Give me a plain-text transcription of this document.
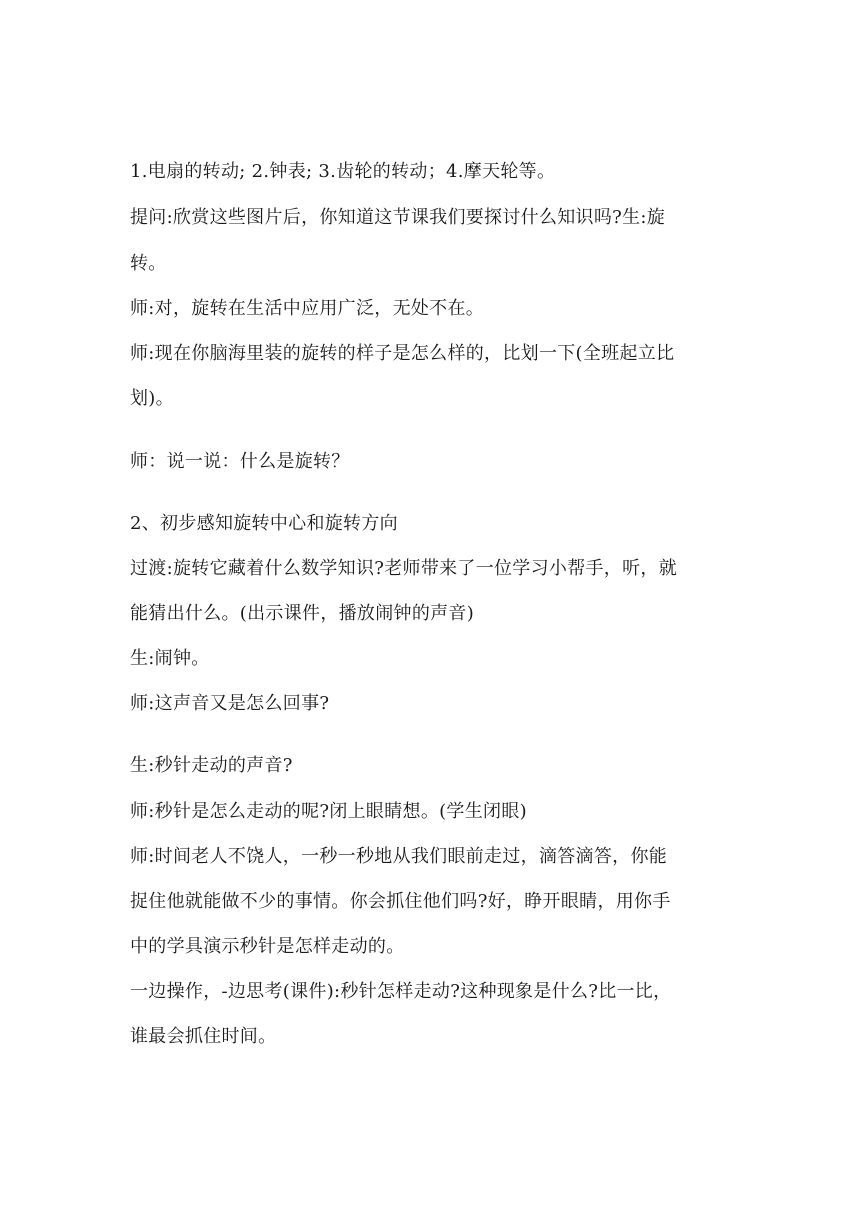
1.电扇的转动; 2.钟表; 3.齿轮的转动；4.摩天轮等。
提问:欣赏这些图片后，你知道这节课我们要探讨什么知识吗?生:旋
转。
师:对，旋转在生活中应用广泛，无处不在。
师:现在你脑海里装的旋转的样子是怎么样的，比划一下(全班起立比
划)。
师：说一说：什么是旋转？
2、初步感知旋转中心和旋转方向
过渡:旋转它藏着什么数学知识?老师带来了一位学习小帮手，听，就
能猜出什么。(出示课件，播放闹钟的声音)
生:闹钟。
师:这声音又是怎么回事?
生:秒针走动的声音?
师:秒针是怎么走动的呢?闭上眼睛想。(学生闭眼)
师:时间老人不饶人，一秒一秒地从我们眼前走过，滴答滴答，你能
捉住他就能做不少的事情。你会抓住他们吗?好，睁开眼睛，用你手
中的学具演示秒针是怎样走动的。
一边操作，-边思考(课件):秒针怎样走动?这种现象是什么?比一比，
谁最会抓住时间。
